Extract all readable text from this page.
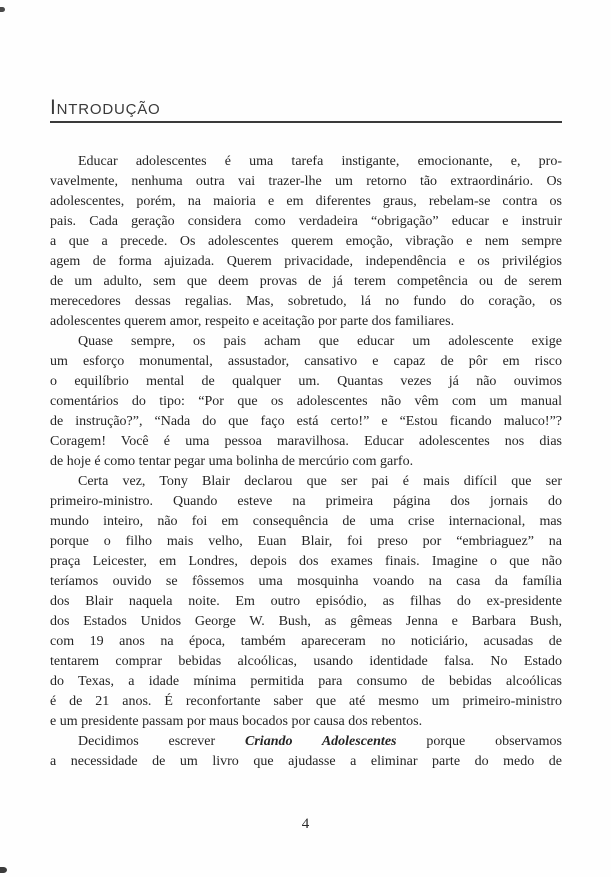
Introdução
Educar adolescentes é uma tarefa instigante, emocionante, e, pro-
vavelmente, nenhuma outra vai trazer-lhe um retorno tão extraordinário. Os
adolescentes, porém, na maioria e em diferentes graus, rebelam-se contra os
pais. Cada geração considera como verdadeira “obrigação” educar e instruir
a que a precede. Os adolescentes querem emoção, vibração e nem sempre
agem de forma ajuizada. Querem privacidade, independência e os privilégios
de um adulto, sem que deem provas de já terem competência ou de serem
merecedores dessas regalias. Mas, sobretudo, lá no fundo do coração, os
adolescentes querem amor, respeito e aceitação por parte dos familiares.
Quase sempre, os pais acham que educar um adolescente exige
um esforço monumental, assustador, cansativo e capaz de pôr em risco
o equilíbrio mental de qualquer um. Quantas vezes já não ouvimos
comentários do tipo: “Por que os adolescentes não vêm com um manual
de instrução?”, “Nada do que faço está certo!” e “Estou ficando maluco!”?
Coragem! Você é uma pessoa maravilhosa. Educar adolescentes nos dias
de hoje é como tentar pegar uma bolinha de mercúrio com garfo.
Certa vez, Tony Blair declarou que ser pai é mais difícil que ser
primeiro-ministro. Quando esteve na primeira página dos jornais do
mundo inteiro, não foi em consequência de uma crise internacional, mas
porque o filho mais velho, Euan Blair, foi preso por “embriaguez” na
praça Leicester, em Londres, depois dos exames finais. Imagine o que não
teríamos ouvido se fôssemos uma mosquinha voando na casa da família
dos Blair naquela noite. Em outro episódio, as filhas do ex-presidente
dos Estados Unidos George W. Bush, as gêmeas Jenna e Barbara Bush,
com 19 anos na época, também apareceram no noticiário, acusadas de
tentarem comprar bebidas alcoólicas, usando identidade falsa. No Estado
do Texas, a idade mínima permitida para consumo de bebidas alcoólicas
é de 21 anos. É reconfortante saber que até mesmo um primeiro-ministro
e um presidente passam por maus bocados por causa dos rebentos.
Decidimos escrever Criando Adolescentes porque observamos
a necessidade de um livro que ajudasse a eliminar parte do medo de
4
